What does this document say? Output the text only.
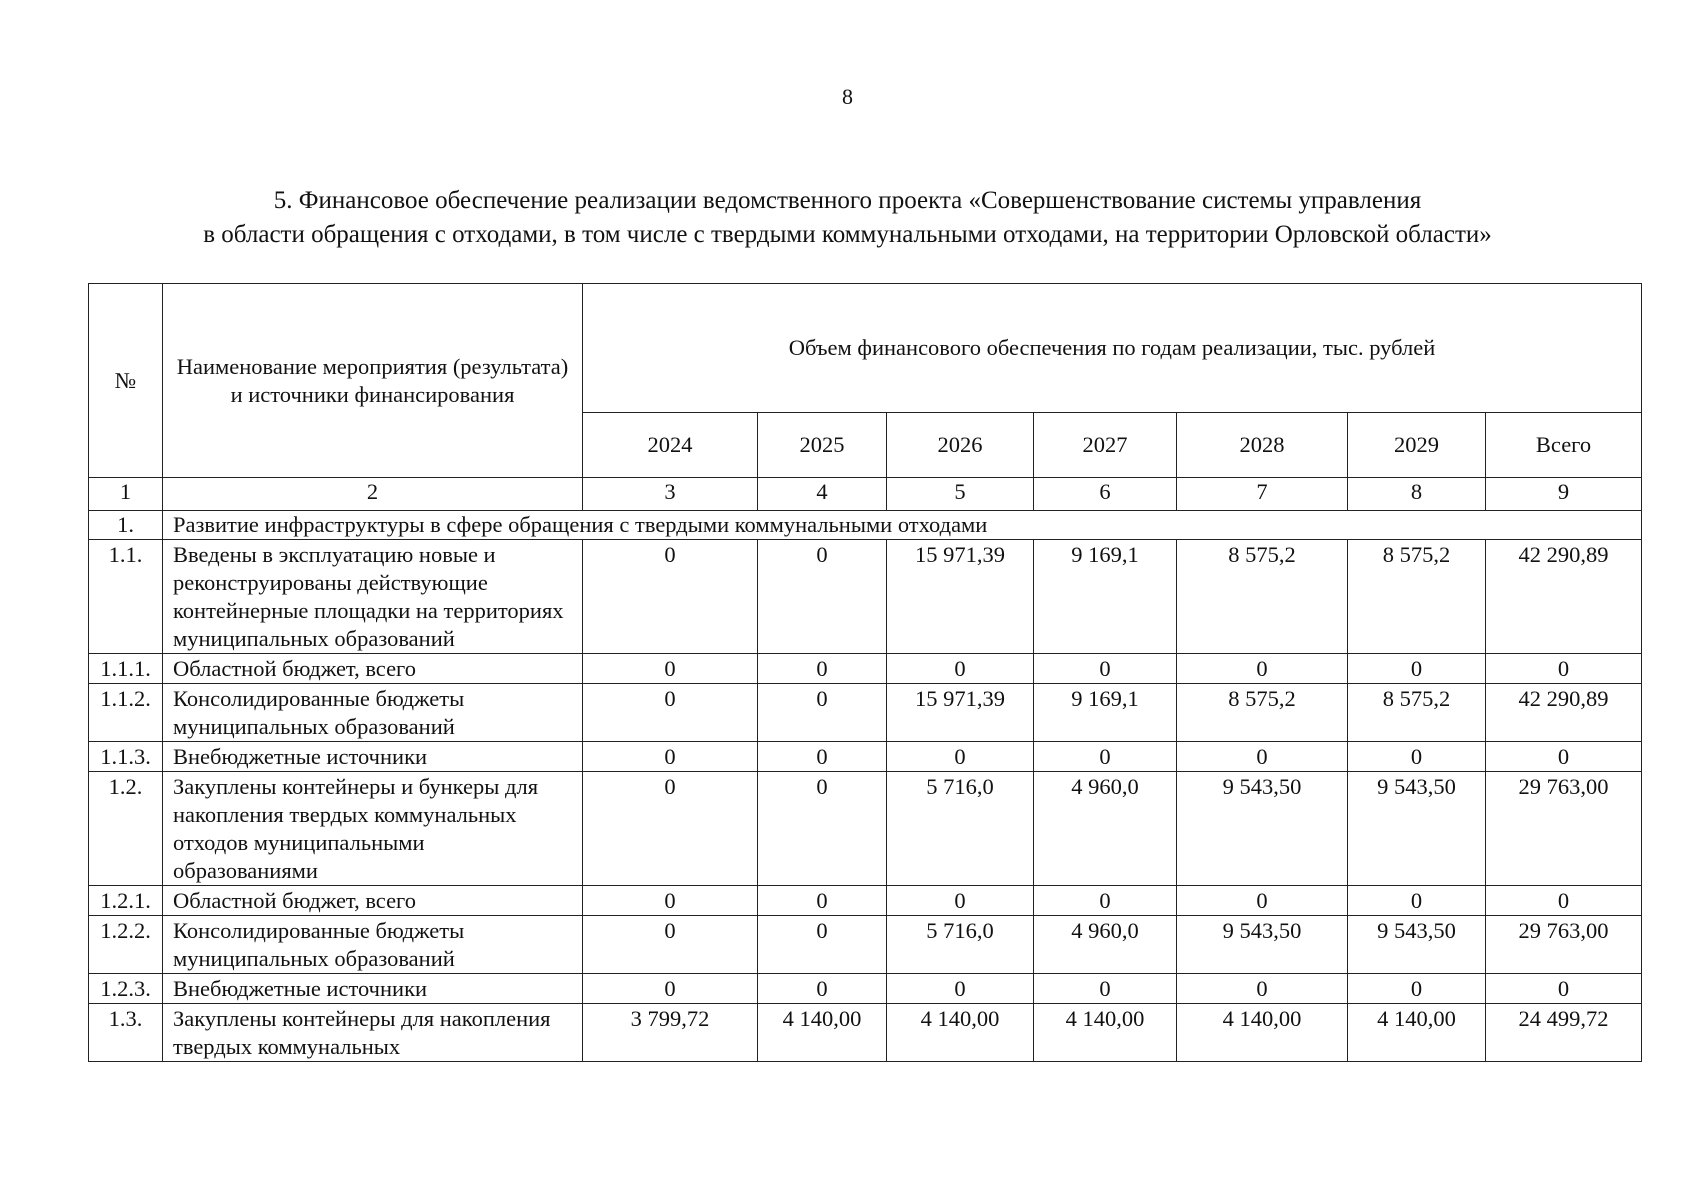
8
5. Финансовое обеспечение реализации ведомственного проекта «Совершенствование системы управления
в области обращения с отходами, в том числе с твердыми коммунальными отходами, на территории Орловской области»
№	Наименование мероприятия (результата) и источники финансирования	Объем финансового обеспечения по годам реализации, тыс. рублей						
		2024	2025	2026	2027	2028	2029	Всего
1	2	3	4	5	6	7	8	9
1.	Развитие инфраструктуры в сфере обращения с твердыми коммунальными отходами							
1.1.	Введены в эксплуатацию новые и реконструированы действующие контейнерные площадки на территориях муниципальных образований	0	0	15 971,39	9 169,1	8 575,2	8 575,2	42 290,89
1.1.1.	Областной бюджет, всего	0	0	0	0	0	0	0
1.1.2.	Консолидированные бюджеты муниципальных образований	0	0	15 971,39	9 169,1	8 575,2	8 575,2	42 290,89
1.1.3.	Внебюджетные источники	0	0	0	0	0	0	0
1.2.	Закуплены контейнеры и бункеры для накопления твердых коммунальных отходов муниципальными образованиями	0	0	5 716,0	4 960,0	9 543,50	9 543,50	29 763,00
1.2.1.	Областной бюджет, всего	0	0	0	0	0	0	0
1.2.2.	Консолидированные бюджеты муниципальных образований	0	0	5 716,0	4 960,0	9 543,50	9 543,50	29 763,00
1.2.3.	Внебюджетные источники	0	0	0	0	0	0	0
1.3.	Закуплены контейнеры для накопления твердых коммунальных	3 799,72	4 140,00	4 140,00	4 140,00	4 140,00	4 140,00	24 499,72
